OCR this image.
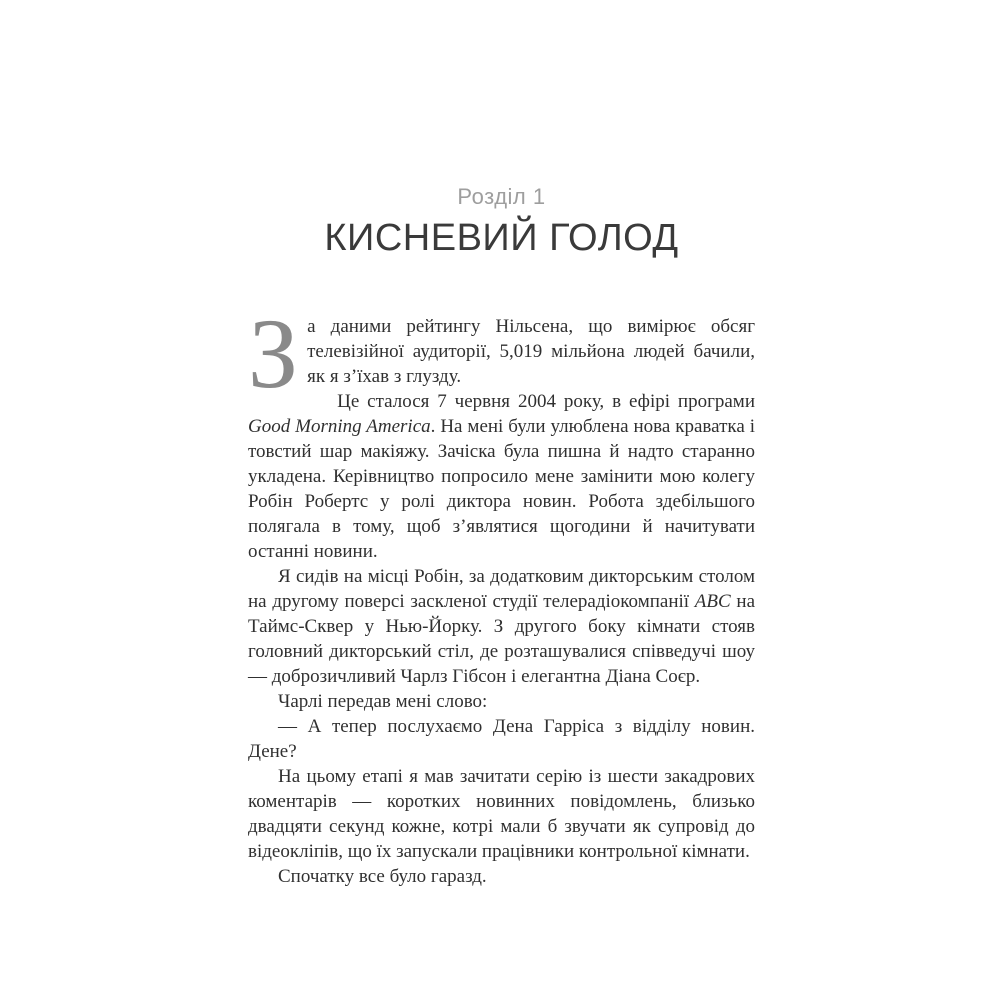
Розділ 1
КИСНЕВИЙ ГОЛОД

За даними рейтингу Нільсена, що вимірює обсяг телевізійної аудиторії, 5,019 мільйона людей бачили, як я з’їхав з глузду.

Це сталося 7 червня 2004 року, в ефірі програми Good Morning America. На мені були улюблена нова краватка і товстий шар макіяжу. Зачіска була пишна й надто старанно укладена. Керівництво попросило мене замінити мою колегу Робін Робертс у ролі диктора новин. Робота здебільшого полягала в тому, щоб з’являтися щогодини й начитувати останні новини.

Я сидів на місці Робін, за додатковим дикторським столом на другому поверсі заскленої студії телерадіокомпанії ABC на Таймс-Сквер у Нью-Йорку. З другого боку кімнати стояв головний дикторський стіл, де розташувалися співведучі шоу — доброзичливий Чарлз Гібсон і елегантна Діана Соєр.

Чарлі передав мені слово:

— А тепер послухаємо Дена Гарріса з відділу новин. Дене?

На цьому етапі я мав зачитати серію із шести закадрових коментарів — коротких новинних повідомлень, близько двадцяти секунд кожне, котрі мали б звучати як супровід до відеокліпів, що їх запускали працівники контрольної кімнати.

Спочатку все було гаразд.
